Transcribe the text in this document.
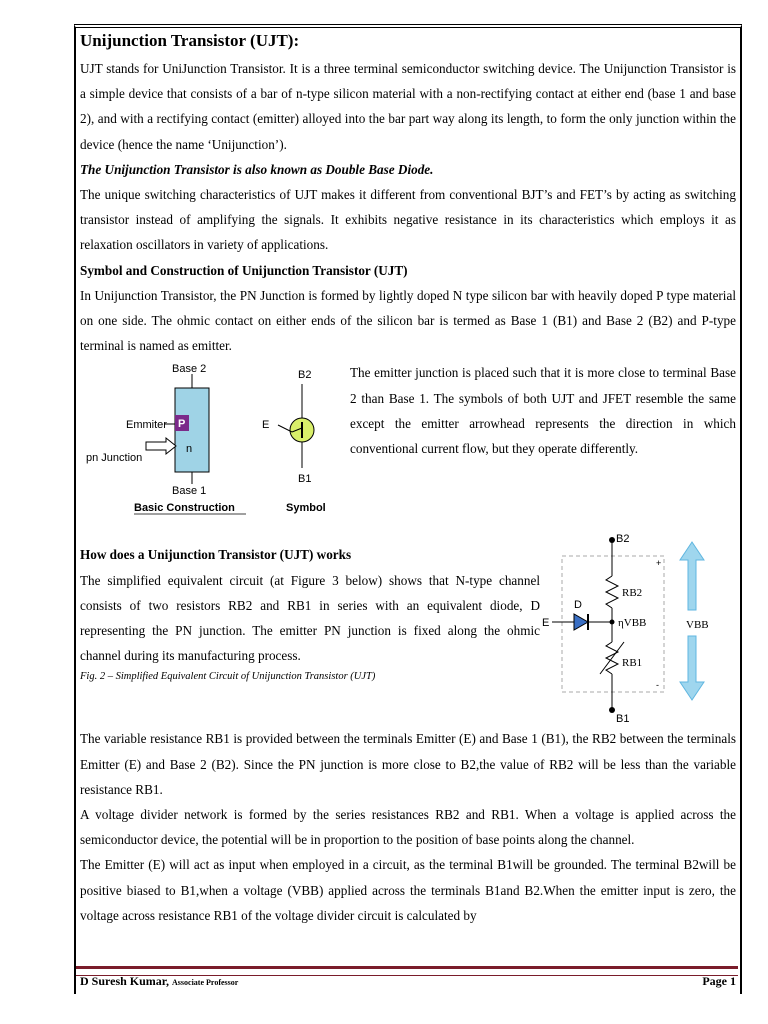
Unijunction Transistor (UJT):

UJT stands for UniJunction Transistor. It is a three terminal semiconductor switching device. The Unijunction Transistor is a simple device that consists of a bar of n-type silicon material with a non-rectifying contact at either end (base 1 and base 2), and with a rectifying contact (emitter) alloyed into the bar part way along its length, to form the only junction within the device (hence the name ‘Unijunction’).

The Unijunction Transistor is also known as Double Base Diode.

The unique switching characteristics of UJT makes it different from conventional BJT’s and FET’s by acting as switching transistor instead of amplifying the signals. It exhibits negative resistance in its characteristics which employs it as relaxation oscillators in variety of applications.

Symbol and Construction of Unijunction Transistor (UJT)

In Unijunction Transistor, the PN Junction is formed by lightly doped N type silicon bar with heavily doped P type material on one side. The ohmic contact on either ends of the silicon bar is termed as Base 1 (B1) and Base 2 (B2) and P-type terminal is named as emitter.

Base 2
P
n
Base 1
Emmiter
pn Junction
Basic Construction
B2
E
B1
Symbol

The emitter junction is placed such that it is more close to terminal Base 2 than Base 1. The symbols of both UJT and JFET resemble the same except the emitter arrowhead represents the direction in which conventional current flow, but they operate differently.

How does a Unijunction Transistor (UJT) works

The simplified equivalent circuit (at Figure 3 below) shows that N-type channel consists of two resistors RB2 and RB1 in series with an equivalent diode, D representing the PN junction. The emitter PN junction is fixed along the ohmic channel during its manufacturing process.

Fig. 2 – Simplified Equivalent Circuit of Unijunction Transistor (UJT)

B2
RB2
ηVBB
RB1
B1
E
D
+
-
VBB

The variable resistance RB1 is provided between the terminals Emitter (E) and Base 1 (B1), the RB2 between the terminals Emitter (E) and Base 2 (B2). Since the PN junction is more close to B2,the value of RB2 will be less than the variable resistance RB1.

A voltage divider network is formed by the series resistances RB2 and RB1. When a voltage is applied across the semiconductor device, the potential will be in proportion to the position of base points along the channel.

The Emitter (E) will act as input when employed in a circuit, as the terminal B1will be grounded. The terminal B2will be positive biased to B1,when a voltage (VBB) applied across the terminals B1and B2.When the emitter input is zero, the voltage across resistance RB1 of the voltage divider circuit is calculated by

D Suresh Kumar, Associate Professor	Page 1
